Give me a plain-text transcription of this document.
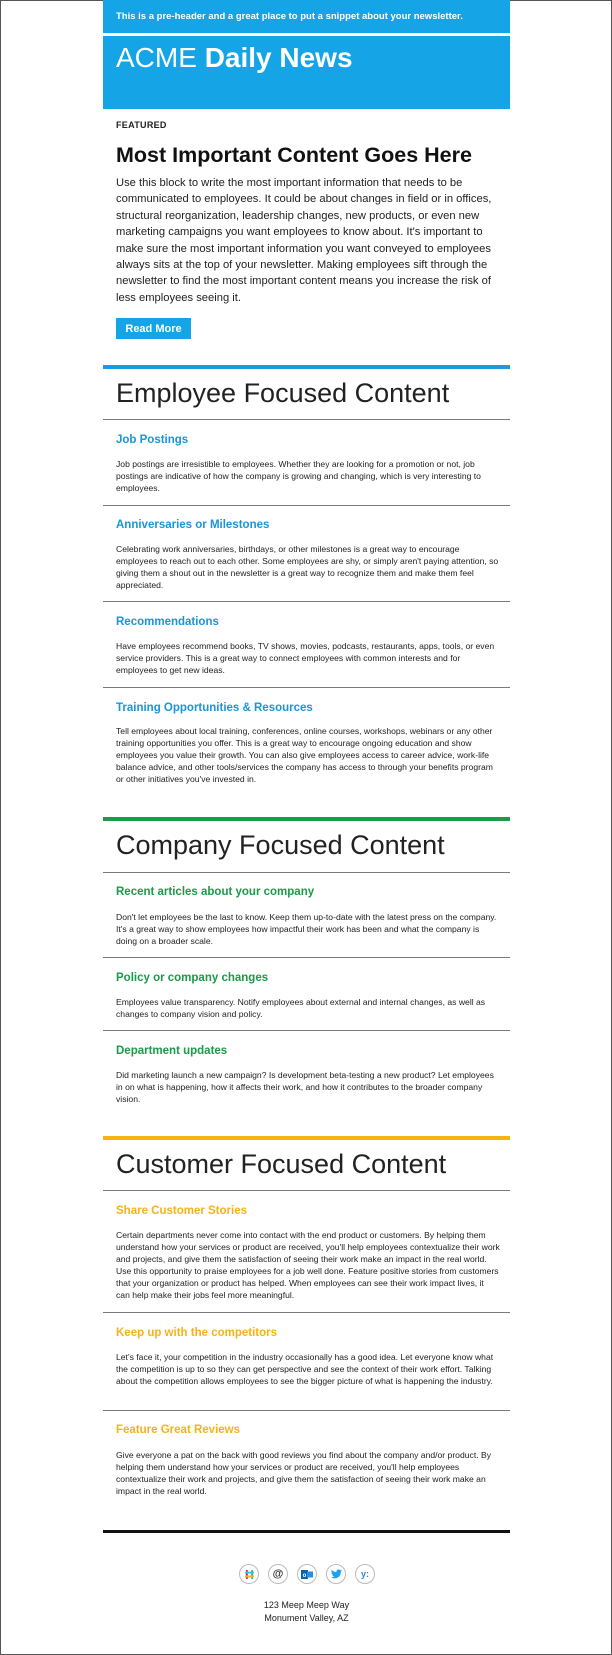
This is a pre-header and a great place to put a snippet about your newsletter.
ACME Daily News
FEATURED
Most Important Content Goes Here
Use this block to write the most important information that needs to be communicated to employees. It could be about changes in field or in offices, structural reorganization, leadership changes, new products, or even new marketing campaigns you want employees to know about. It's important to make sure the most important information you want conveyed to employees always sits at the top of your newsletter. Making employees sift through the newsletter to find the most important content means you increase the risk of less employees seeing it.
Read More
Employee Focused Content
Job Postings
Job postings are irresistible to employees. Whether they are looking for a promotion or not, job postings are indicative of how the company is growing and changing, which is very interesting to employees.
Anniversaries or Milestones
Celebrating work anniversaries, birthdays, or other milestones is a great way to encourage employees to reach out to each other. Some employees are shy, or simply aren't paying attention, so giving them a shout out in the newsletter is a great way to recognize them and make them feel appreciated.
Recommendations
Have employees recommend books, TV shows, movies, podcasts, restaurants, apps, tools, or even service providers. This is a great way to connect employees with common interests and for employees to get new ideas.
Training Opportunities & Resources
Tell employees about local training, conferences, online courses, workshops, webinars or any other training opportunities you offer. This is a great way to encourage ongoing education and show employees you value their growth. You can also give employees access to career advice, work-life balance advice, and other tools/services the company has access to through your benefits program or other initiatives you've invested in.
Company Focused Content
Recent articles about your company
Don't let employees be the last to know. Keep them up-to-date with the latest press on the company. It's a great way to show employees how impactful their work has been and what the company is doing on a broader scale.
Policy or company changes
Employees value transparency. Notify employees about external and internal changes, as well as changes to company vision and policy.
Department updates
Did marketing launch a new campaign? Is development beta-testing a new product? Let employees in on what is happening, how it affects their work, and how it contributes to the broader company vision.
Customer Focused Content
Share Customer Stories
Certain departments never come into contact with the end product or customers. By helping them understand how your services or product are received, you'll help employees contextualize their work and projects, and give them the satisfaction of seeing their work make an impact in the real world. Use this opportunity to praise employees for a job well done. Feature positive stories from customers that your organization or product has helped. When employees can see their work impact lives, it can help make their jobs feel more meaningful.
Keep up with the competitors
Let's face it, your competition in the industry occasionally has a good idea. Let everyone know what the competition is up to so they can get perspective and see the context of their work effort. Talking about the competition allows employees to see the bigger picture of what is happening the industry.
Feature Great Reviews
Give everyone a pat on the back with good reviews you find about the company and/or product. By helping them understand how your services or product are received, you'll help employees contextualize their work and projects, and give them the satisfaction of seeing their work make an impact in the real world.
@	o	y:
123 Meep Meep Way
Monument Valley, AZ
